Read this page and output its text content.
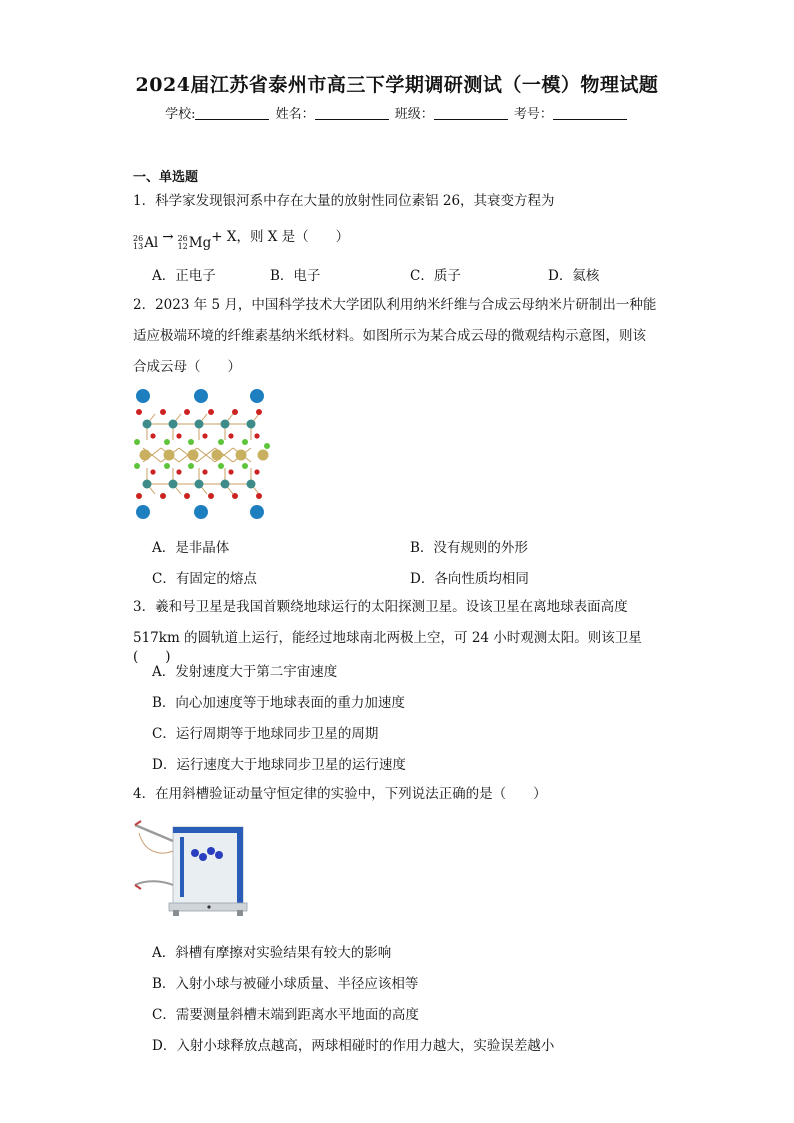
2024届江苏省泰州市高三下学期调研测试（一模）物理试题
学校:	姓名：	班级：	考号：
一、单选题
1．科学家发现银河系中存在大量的放射性同位素铝 26，其衰变方程为
26
13 Al → 26
12 Mg + X，则 X 是（　　）
A．正电子	B．电子	C．质子	D．氦核
2．2023 年 5 月，中国科学技术大学团队利用纳米纤维与合成云母纳米片研制出一种能
适应极端环境的纤维素基纳米纸材料。如图所示为某合成云母的微观结构示意图，则该
合成云母（　　）
A．是非晶体	B．没有规则的外形
C．有固定的熔点	D．各向性质均相同
3．羲和号卫星是我国首颗绕地球运行的太阳探测卫星。设该卫星在离地球表面高度
517km 的圆轨道上运行，能经过地球南北两极上空，可 24 小时观测太阳。则该卫星(　　)
A．发射速度大于第二宇宙速度
B．向心加速度等于地球表面的重力加速度
C．运行周期等于地球同步卫星的周期
D．运行速度大于地球同步卫星的运行速度
4．在用斜槽验证动量守恒定律的实验中，下列说法正确的是（　　）
A．斜槽有摩擦对实验结果有较大的影响
B．入射小球与被碰小球质量、半径应该相等
C．需要测量斜槽末端到距离水平地面的高度
D．入射小球释放点越高，两球相碰时的作用力越大，实验误差越小
